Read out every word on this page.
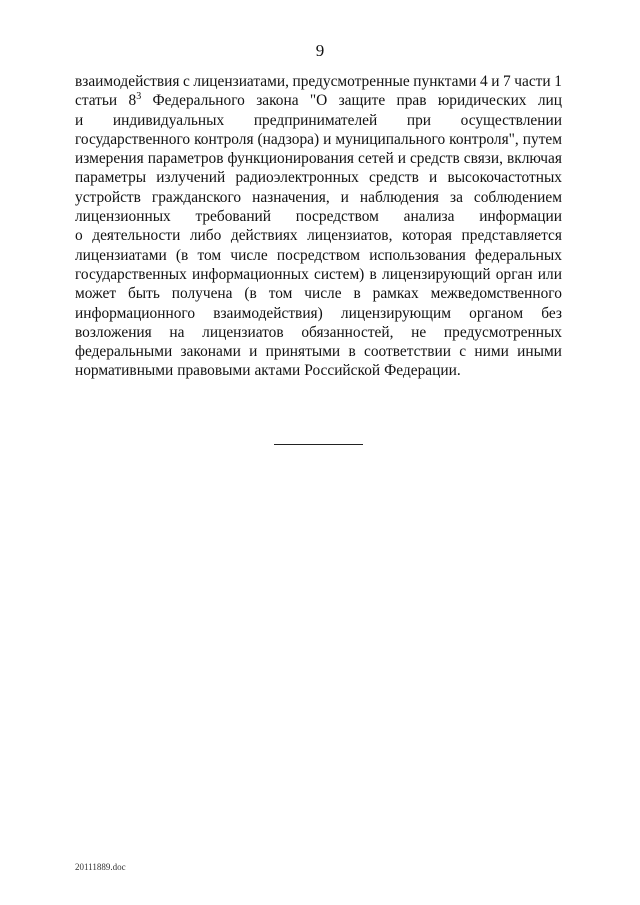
9
взаимодействия с лицензиатами, предусмотренные пунктами 4 и 7 части 1
статьи $8^3$ Федерального закона "О защите прав юридических лиц
и индивидуальных предпринимателей при осуществлении
государственного контроля (надзора) и муниципального контроля", путем
измерения параметров функционирования сетей и средств связи, включая
параметры излучений радиоэлектронных средств и высокочастотных
устройств гражданского назначения, и наблюдения за соблюдением
лицензионных требований посредством анализа информации
о деятельности либо действиях лицензиатов, которая представляется
лицензиатами (в том числе посредством использования федеральных
государственных информационных систем) в лицензирующий орган или
может быть получена (в том числе в рамках межведомственного
информационного взаимодействия) лицензирующим органом без
возложения на лицензиатов обязанностей, не предусмотренных
федеральными законами и принятыми в соответствии с ними иными
нормативными правовыми актами Российской Федерации.
20111889.doc
